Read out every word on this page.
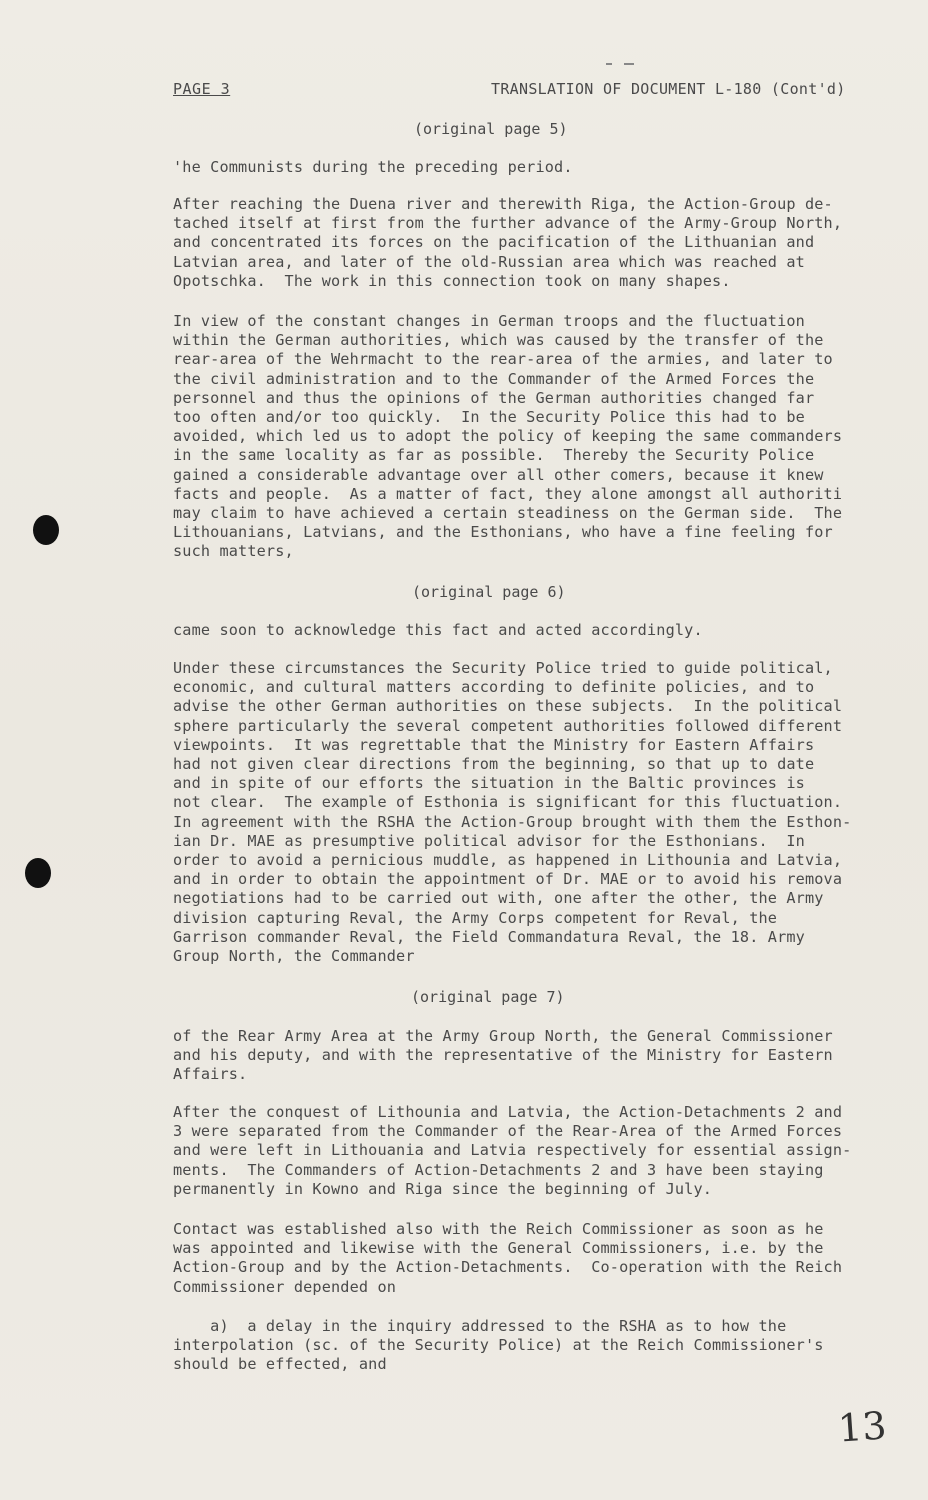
PAGE 3	TRANSLATION OF DOCUMENT L-180 (Cont'd)
(original page 5)
'he Communists during the preceding period.
After reaching the Duena river and therewith Riga, the Action-Group de-
tached itself at first from the further advance of the Army-Group North,
and concentrated its forces on the pacification of the Lithuanian and
Latvian area, and later of the old-Russian area which was reached at
Opotschka.  The work in this connection took on many shapes.
In view of the constant changes in German troops and the fluctuation
within the German authorities, which was caused by the transfer of the
rear-area of the Wehrmacht to the rear-area of the armies, and later to
the civil administration and to the Commander of the Armed Forces the
personnel and thus the opinions of the German authorities changed far
too often and/or too quickly.  In the Security Police this had to be
avoided, which led us to adopt the policy of keeping the same commanders
in the same locality as far as possible.  Thereby the Security Police
gained a considerable advantage over all other comers, because it knew
facts and people.  As a matter of fact, they alone amongst all authoriti
may claim to have achieved a certain steadiness on the German side.  The
Lithouanians, Latvians, and the Esthonians, who have a fine feeling for
such matters,
(original page 6)
came soon to acknowledge this fact and acted accordingly.
Under these circumstances the Security Police tried to guide political,
economic, and cultural matters according to definite policies, and to
advise the other German authorities on these subjects.  In the political
sphere particularly the several competent authorities followed different
viewpoints.  It was regrettable that the Ministry for Eastern Affairs
had not given clear directions from the beginning, so that up to date
and in spite of our efforts the situation in the Baltic provinces is
not clear.  The example of Esthonia is significant for this fluctuation.
In agreement with the RSHA the Action-Group brought with them the Esthon-
ian Dr. MAE as presumptive political advisor for the Esthonians.  In
order to avoid a pernicious muddle, as happened in Lithounia and Latvia,
and in order to obtain the appointment of Dr. MAE or to avoid his remova
negotiations had to be carried out with, one after the other, the Army
division capturing Reval, the Army Corps competent for Reval, the
Garrison commander Reval, the Field Commandatura Reval, the 18. Army
Group North, the Commander
(original page 7)
of the Rear Army Area at the Army Group North, the General Commissioner
and his deputy, and with the representative of the Ministry for Eastern
Affairs.
After the conquest of Lithounia and Latvia, the Action-Detachments 2 and
3 were separated from the Commander of the Rear-Area of the Armed Forces
and were left in Lithouania and Latvia respectively for essential assign-
ments.  The Commanders of Action-Detachments 2 and 3 have been staying
permanently in Kowno and Riga since the beginning of July.
Contact was established also with the Reich Commissioner as soon as he
was appointed and likewise with the General Commissioners, i.e. by the
Action-Group and by the Action-Detachments.  Co-operation with the Reich
Commissioner depended on
a)  a delay in the inquiry addressed to the RSHA as to how the
interpolation (sc. of the Security Police) at the Reich Commissioner's
should be effected, and
13
